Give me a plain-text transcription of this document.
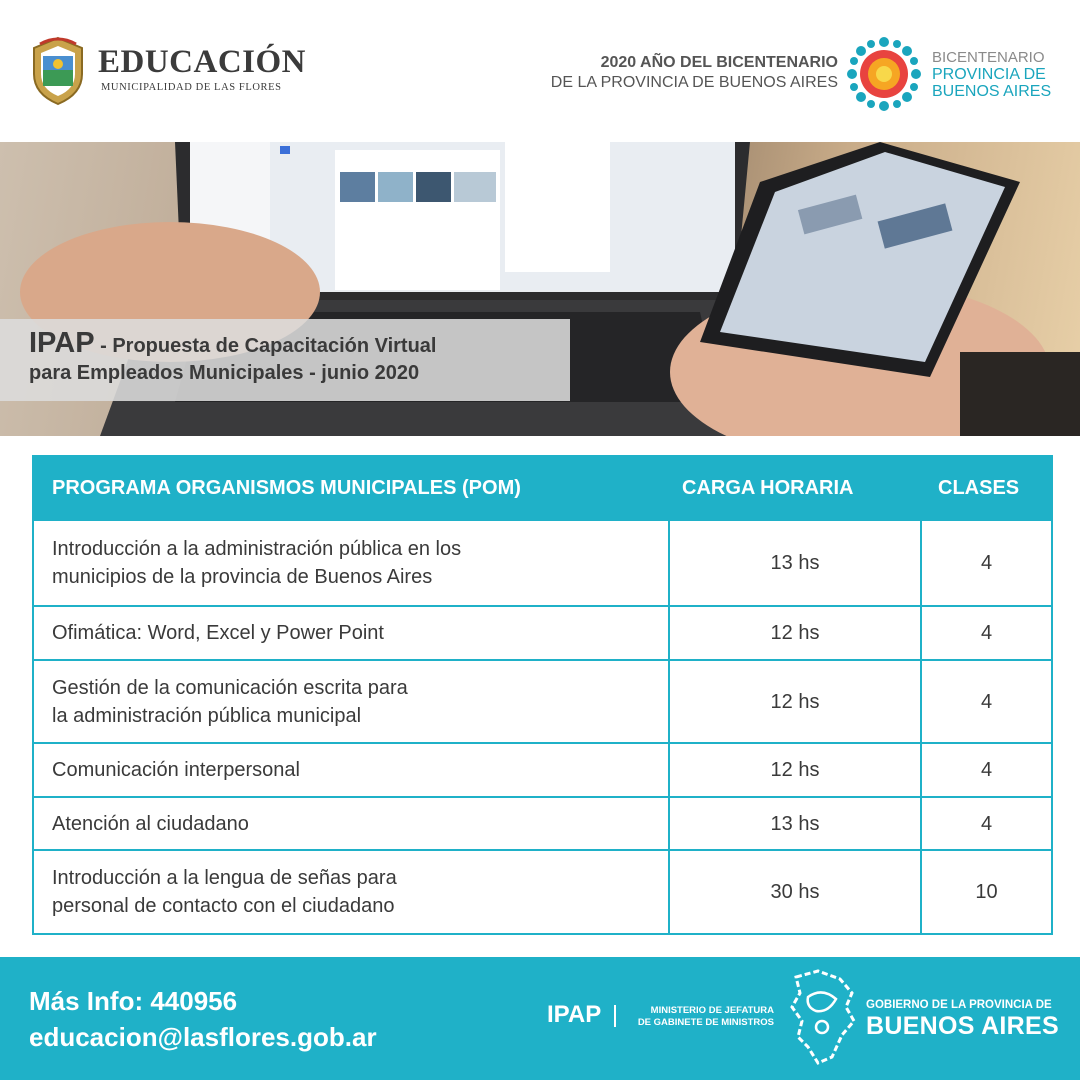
EDUCACIÓN
MUNICIPALIDAD DE LAS FLORES
2020 AÑO DEL BICENTENARIO
DE LA PROVINCIA DE BUENOS AIRES
BICENTENARIO
PROVINCIA DE
BUENOS AIRES
IPAP - Propuesta de Capacitación Virtual
para Empleados Municipales - junio 2020
PROGRAMA ORGANISMOS MUNICIPALES (POM)	CARGA HORARIA	CLASES
Introducción a la administración pública en los
municipios de la provincia de Buenos Aires
13 hs	4
Ofimática: Word, Excel y Power Point	12 hs	4
Gestión de la comunicación escrita para
la administración pública municipal
12 hs	4
Comunicación interpersonal	12 hs	4
Atención al ciudadano	13 hs	4
Introducción a la lengua de señas para
personal de contacto con el ciudadano
30 hs	10
Más Info: 440956
educacion@lasflores.gob.ar
IPAP	MINISTERIO DE JEFATURA
DE GABINETE DE MINISTROS
GOBIERNO DE LA PROVINCIA DE
BUENOS AIRES
